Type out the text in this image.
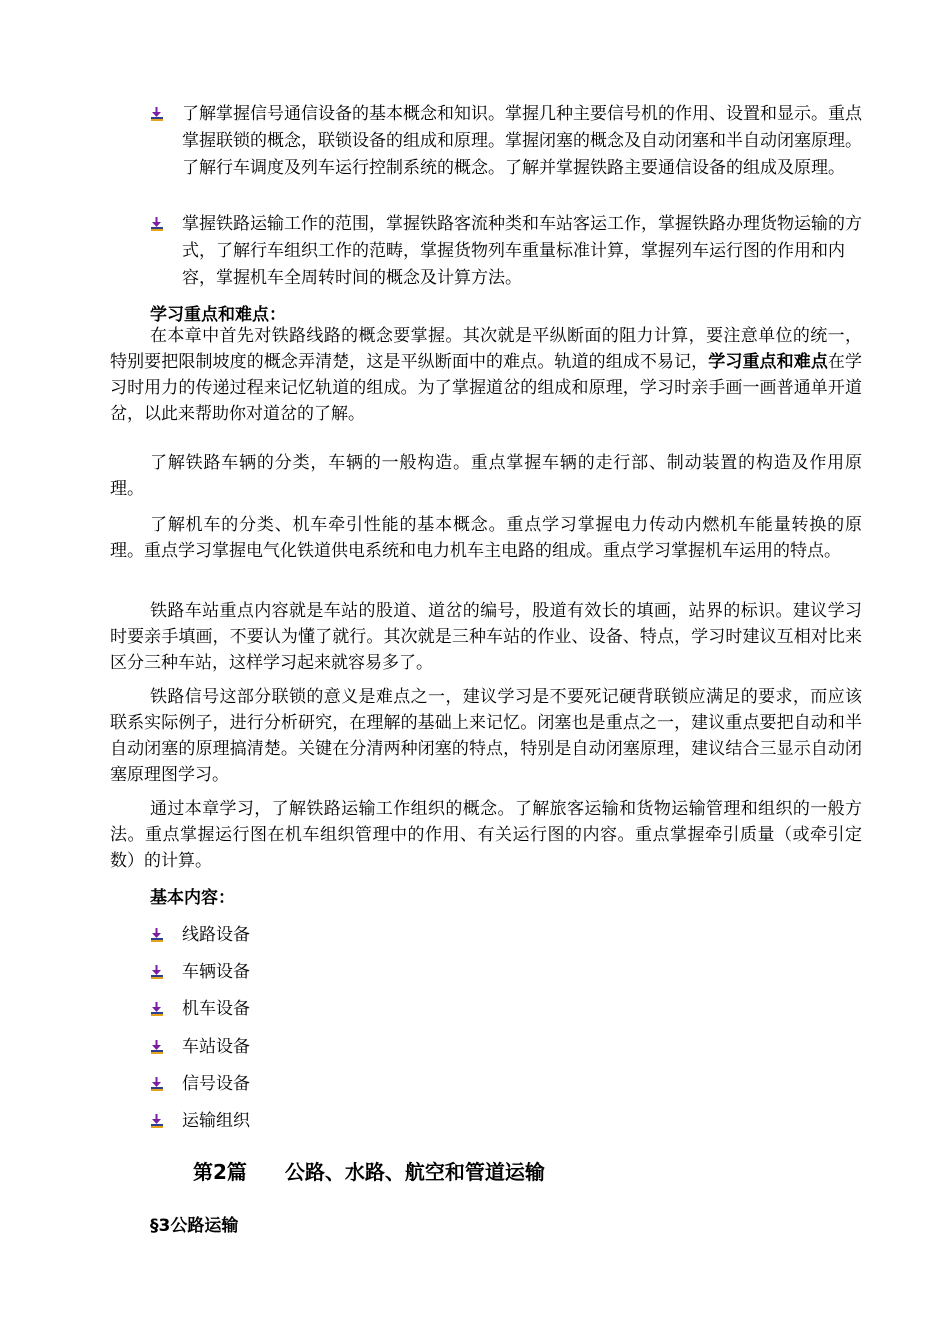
了解掌握信号通信设备的基本概念和知识。掌握几种主要信号机的作用、设置和显示。重点掌握联锁的概念，联锁设备的组成和原理。掌握闭塞的概念及自动闭塞和半自动闭塞原理。了解行车调度及列车运行控制系统的概念。了解并掌握铁路主要通信设备的组成及原理。
掌握铁路运输工作的范围，掌握铁路客流种类和车站客运工作，掌握铁路办理货物运输的方式，了解行车组织工作的范畴，掌握货物列车重量标准计算，掌握列车运行图的作用和内容，掌握机车全周转时间的概念及计算方法。
学习重点和难点：

在本章中首先对铁路线路的概念要掌握。其次就是平纵断面的阻力计算，要注意单位的统一，特别要把限制坡度的概念弄清楚，这是平纵断面中的难点。轨道的组成不易记，学习重点和难点在学习时用力的传递过程来记忆轨道的组成。为了掌握道岔的组成和原理，学习时亲手画一画普通单开道岔，以此来帮助你对道岔的了解。

了解铁路车辆的分类，车辆的一般构造。重点掌握车辆的走行部、制动装置的构造及作用原理。

了解机车的分类、机车牵引性能的基本概念。重点学习掌握电力传动内燃机车能量转换的原理。重点学习掌握电气化铁道供电系统和电力机车主电路的组成。重点学习掌握机车运用的特点。

铁路车站重点内容就是车站的股道、道岔的编号，股道有效长的填画，站界的标识。建议学习时要亲手填画，不要认为懂了就行。其次就是三种车站的作业、设备、特点，学习时建议互相对比来区分三种车站，这样学习起来就容易多了。

铁路信号这部分联锁的意义是难点之一，建议学习是不要死记硬背联锁应满足的要求，而应该联系实际例子，进行分析研究，在理解的基础上来记忆。闭塞也是重点之一，建议重点要把自动和半自动闭塞的原理搞清楚。关键在分清两种闭塞的特点，特别是自动闭塞原理，建议结合三显示自动闭塞原理图学习。

通过本章学习，了解铁路运输工作组织的概念。了解旅客运输和货物运输管理和组织的一般方法。重点掌握运行图在机车组织管理中的作用、有关运行图的内容。重点掌握牵引质量（或牵引定数）的计算。

基本内容：
线路设备
车辆设备
机车设备
车站设备
信号设备
运输组织
第2篇 公路、水路、航空和管道运输
§3公路运输
